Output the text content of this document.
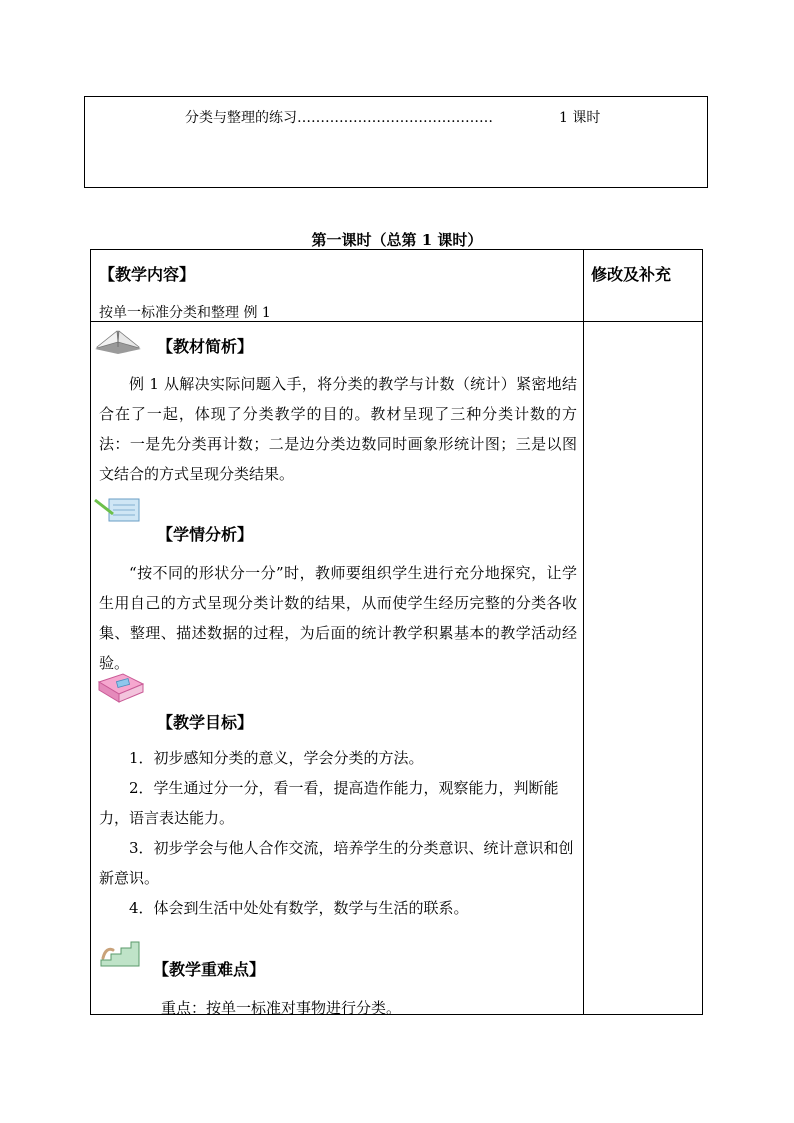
分类与整理的练习……………………………………	1 课时
第一课时（总第 1 课时）
【教学内容】	修改及补充
按单一标准分类和整理 例 1
【教材简析】
例 1 从解决实际问题入手，将分类的教学与计数（统计）紧密地结合在了一起，体现了分类教学的目的。教材呈现了三种分类计数的方法：一是先分类再计数；二是边分类边数同时画象形统计图；三是以图文结合的方式呈现分类结果。
【学情分析】
“按不同的形状分一分”时，教师要组织学生进行充分地探究，让学生用自己的方式呈现分类计数的结果，从而使学生经历完整的分类各收集、整理、描述数据的过程，为后面的统计教学积累基本的教学活动经验。
【教学目标】
1．初步感知分类的意义，学会分类的方法。
2．学生通过分一分，看一看，提高造作能力，观察能力，判断能力，语言表达能力。
3．初步学会与他人合作交流，培养学生的分类意识、统计意识和创新意识。
4．体会到生活中处处有数学，数学与生活的联系。
【教学重难点】
重点：按单一标准对事物进行分类。
